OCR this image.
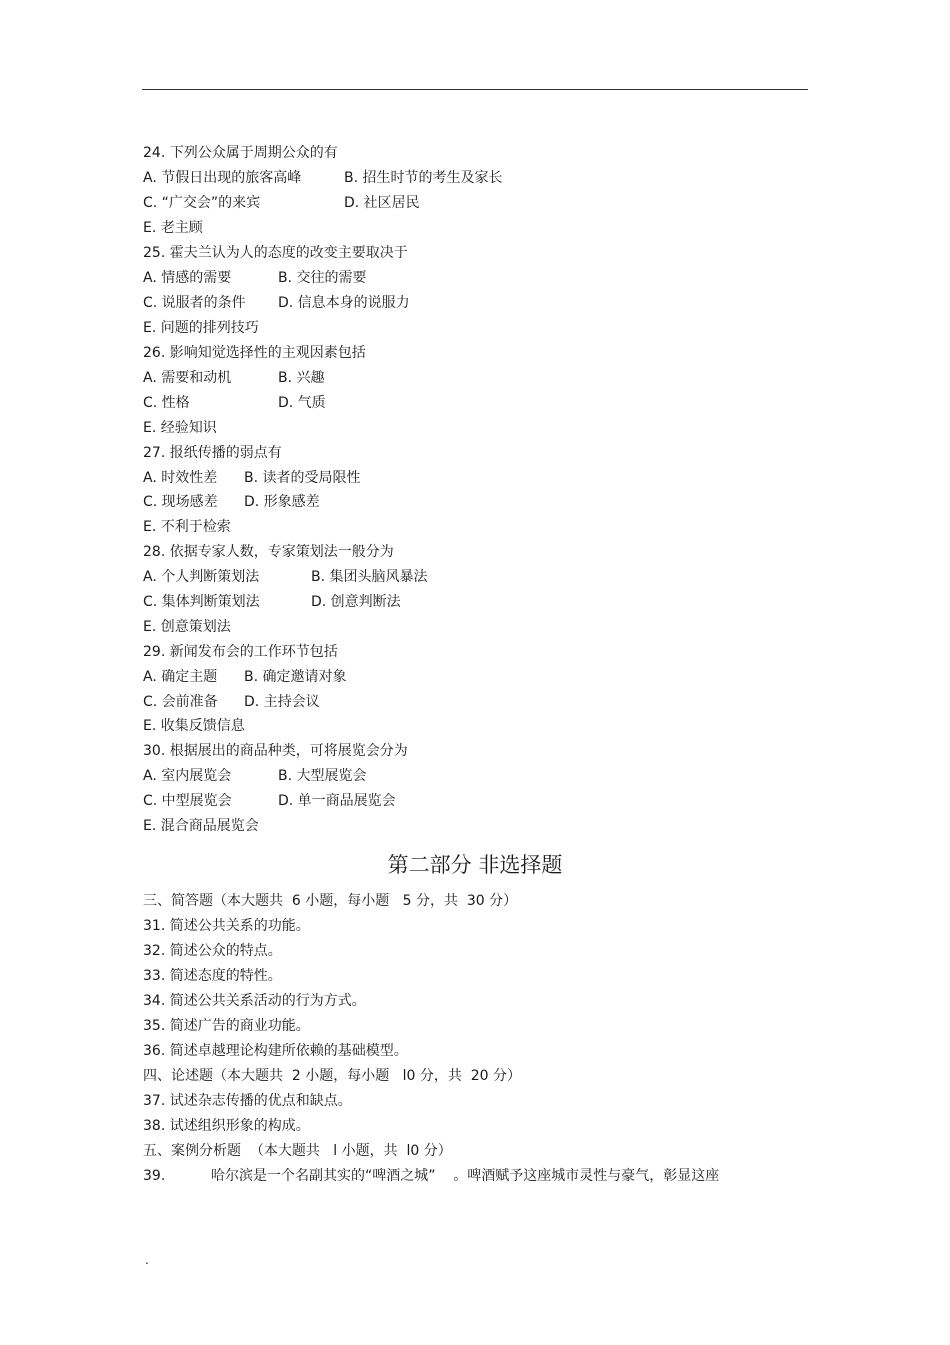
24. 下列公众属于周期公众的有
A. 节假日出现的旅客高峰	B. 招生时节的考生及家长
C. “广交会”的来宾	D. 社区居民
E. 老主顾
25. 霍夫兰认为人的态度的改变主要取决于
A. 情感的需要	B. 交往的需要
C. 说服者的条件 D. 信息本身的说服力
E. 问题的排列技巧
26. 影响知觉选择性的主观因素包括
A. 需要和动机	B. 兴趣
C. 性格	D. 气质
E. 经验知识
27. 报纸传播的弱点有
A. 时效性差 B. 读者的受局限性
C. 现场感差 D. 形象感差
E. 不利于检索
28. 依据专家人数，专家策划法一般分为
A. 个人判断策划法	B. 集团头脑风暴法
C. 集体判断策划法	D. 创意判断法
E. 创意策划法
29. 新闻发布会的工作环节包括
A. 确定主题 B. 确定邀请对象
C. 会前准备 D. 主持会议
E. 收集反馈信息
30. 根据展出的商品种类，可将展览会分为
A. 室内展览会	B. 大型展览会
C. 中型展览会	D. 单一商品展览会
E. 混合商品展览会
第二部分 非选择题
三、简答题（本大题共  6 小题，每小题   5 分，共  30 分）
31. 简述公共关系的功能。
32. 简述公众的特点。
33. 简述态度的特性。
34. 简述公共关系活动的行为方式。
35. 简述广告的商业功能。
36. 简述卓越理论构建所依赖的基础模型。
四、论述题（本大题共  2 小题，每小题   l0 分，共  20 分）
37. 试述杂志传播的优点和缺点。
38. 试述组织形象的构成。
五、案例分析题  （本大题共   l 小题，共  l0 分）
39.	哈尔滨是一个名副其实的“啤酒之城”    。啤酒赋予这座城市灵性与豪气，彰显这座
.
